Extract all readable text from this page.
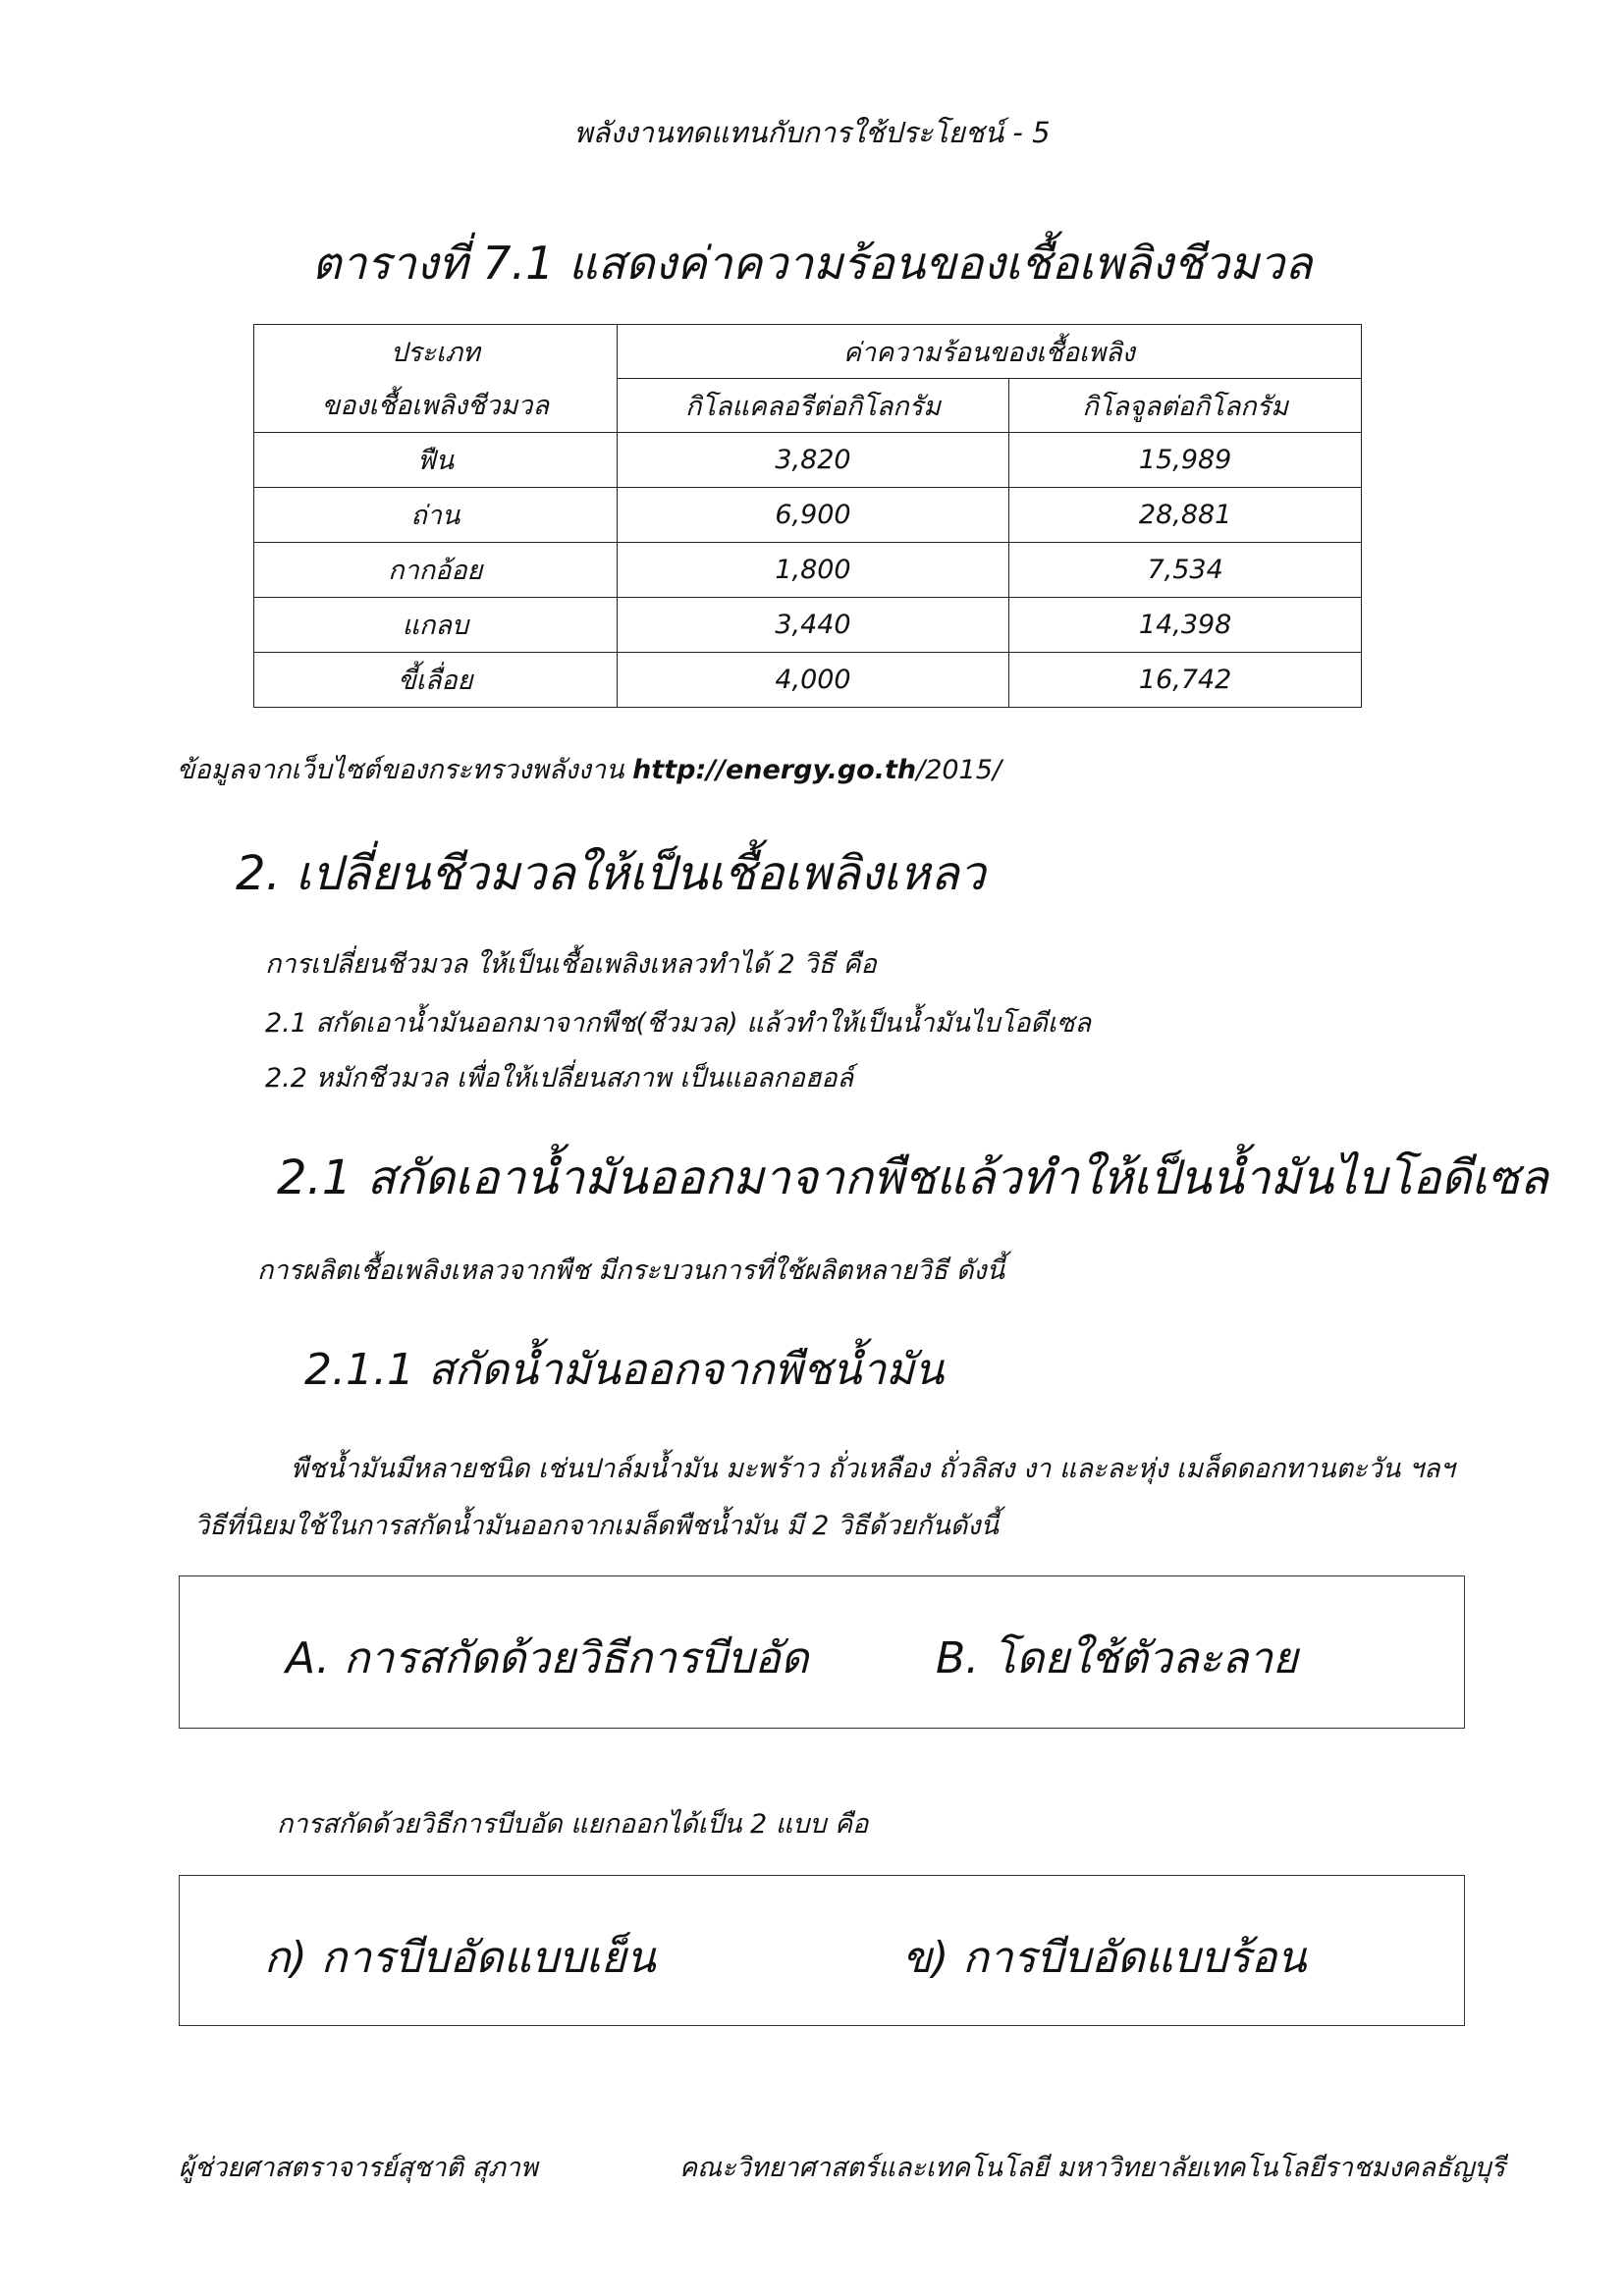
พลังงานทดแทนกับการใช้ประโยชน์ - 5
ตารางที่ 7.1 แสดงค่าความร้อนของเชื้อเพลิงชีวมวล
ประเภท	ค่าความร้อนของเชื้อเพลิง	
ของเชื้อเพลิงชีวมวล	กิโลแคลอรีต่อกิโลกรัม	กิโลจูลต่อกิโลกรัม
ฟืน	3,820	15,989
ถ่าน	6,900	28,881
กากอ้อย	1,800	7,534
แกลบ	3,440	14,398
ขี้เลื่อย	4,000	16,742
ข้อมูลจากเว็บไซต์ของกระทรวงพลังงาน http://energy.go.th/2015/
2. เปลี่ยนชีวมวลให้เป็นเชื้อเพลิงเหลว
การเปลี่ยนชีวมวล ให้เป็นเชื้อเพลิงเหลวทำได้ 2 วิธี คือ
2.1 สกัดเอาน้ำมันออกมาจากพืช(ชีวมวล) แล้วทำให้เป็นน้ำมันไบโอดีเซล
2.2 หมักชีวมวล เพื่อให้เปลี่ยนสภาพ เป็นแอลกอฮอล์
2.1 สกัดเอาน้ำมันออกมาจากพืชแล้วทำให้เป็นน้ำมันไบโอดีเซล
การผลิตเชื้อเพลิงเหลวจากพืช มีกระบวนการที่ใช้ผลิตหลายวิธี ดังนี้
2.1.1 สกัดน้ำมันออกจากพืชน้ำมัน
พืชน้ำมันมีหลายชนิด เช่นปาล์มน้ำมัน มะพร้าว ถั่วเหลือง ถั่วลิสง งา และละหุ่ง เมล็ดดอกทานตะวัน ฯลฯ
วิธีที่นิยมใช้ในการสกัดน้ำมันออกจากเมล็ดพืชน้ำมัน มี 2 วิธีด้วยกันดังนี้
A. การสกัดด้วยวิธีการบีบอัด	B. โดยใช้ตัวละลาย
การสกัดด้วยวิธีการบีบอัด แยกออกได้เป็น 2 แบบ คือ
ก) การบีบอัดแบบเย็น	ข) การบีบอัดแบบร้อน
ผู้ช่วยศาสตราจารย์สุชาติ สุภาพ	คณะวิทยาศาสตร์และเทคโนโลยี มหาวิทยาลัยเทคโนโลยีราชมงคลธัญบุรี
